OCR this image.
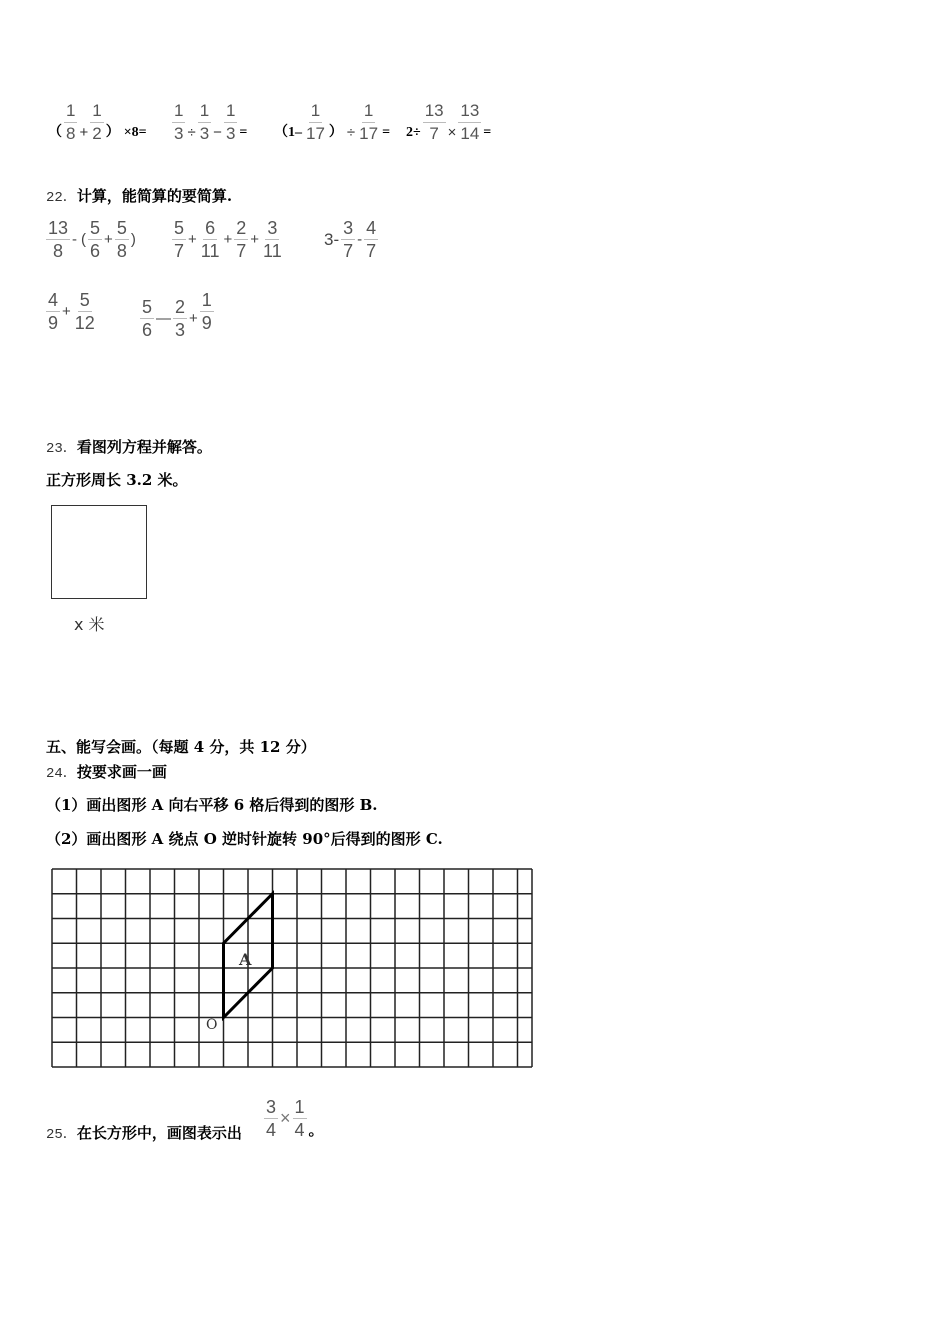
（ $\frac{1}{8} + \frac{1}{2}$ ） $\times 8= \frac{1}{3} \div \frac{1}{3} - \frac{1}{3} = (1- \frac{1}{17}$ ） ÷ $\frac{1}{17} = 2\div \frac{13}{7} \times \frac{13}{14}$ =
22．计算，能简算的要简算.
$\frac{13}{8}$ - ( $\frac{5}{6} + \frac{5}{8}$ ) $\frac{5}{7} + \frac{6}{11} + \frac{2}{7} + \frac{3}{11} 3- \frac{3}{7} - \frac{4}{7}$
$\frac{4}{9} + \frac{5}{12} \frac{5}{6}$ — $\frac{2}{3} + \frac{1}{9}$
23．看图列方程并解答。
正方形周长 3.2 米。
x 米
五、能写会画。（每题 4 分，共 12 分）
24．按要求画一画
（1）画出图形 A 向右平移 6 格后得到的图形 B.
（2）画出图形 A 绕点 O 逆时针旋转 90°后得到的图形 C.
A
O
25．在长方形中，画图表示出 $\frac{3}{4} \times \frac{1}{4}$ 。
